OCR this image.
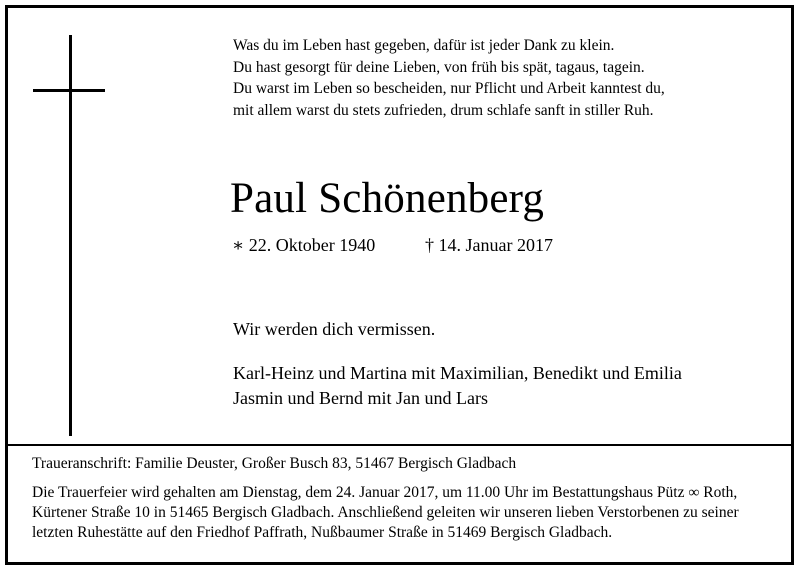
Was du im Leben hast gegeben, dafür ist jeder Dank zu klein.
Du hast gesorgt für deine Lieben, von früh bis spät, tagaus, tagein.
Du warst im Leben so bescheiden, nur Pflicht und Arbeit kanntest du,
mit allem warst du stets zufrieden, drum schlafe sanft in stiller Ruh.
Paul Schönenberg
∗ 22. Oktober 1940	† 14. Januar 2017
Wir werden dich vermissen.
Karl-Heinz und Martina mit Maximilian, Benedikt und Emilia
Jasmin und Bernd mit Jan und Lars
Traueranschrift: Familie Deuster, Großer Busch 83, 51467 Bergisch Gladbach
Die Trauerfeier wird gehalten am Dienstag, dem 24. Januar 2017, um 11.00 Uhr im Bestattungshaus Pütz ∞ Roth,
Kürtener Straße 10 in 51465 Bergisch Gladbach. Anschließend geleiten wir unseren lieben Verstorbenen zu seiner
letzten Ruhestätte auf den Friedhof Paffrath, Nußbaumer Straße in 51469 Bergisch Gladbach.
